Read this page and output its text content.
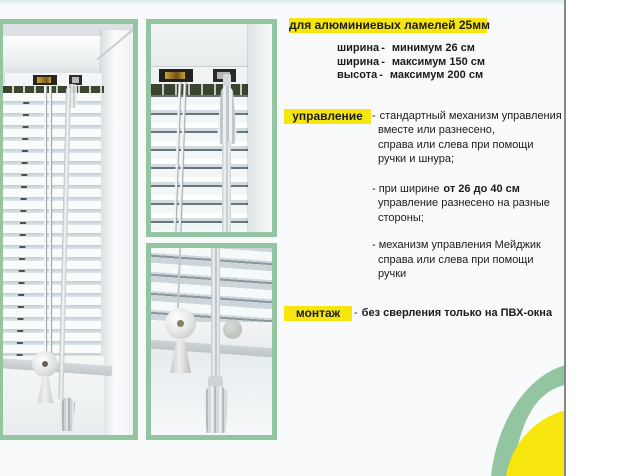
для алюминиевых ламелей 25мм
ширина - минимум 26 см
ширина - максимум 150 см
высота - максимум 200 см
управление - стандартный механизм управления
вместе или разнесено,
справа или слева при помощи
ручки и шнура;
- при ширине от 26 до 40 см
управление разнесено на разные
стороны;
- механизм управления Мейджик
справа или слева при помощи
ручки
монтаж	- без сверления только на ПВХ-окна
